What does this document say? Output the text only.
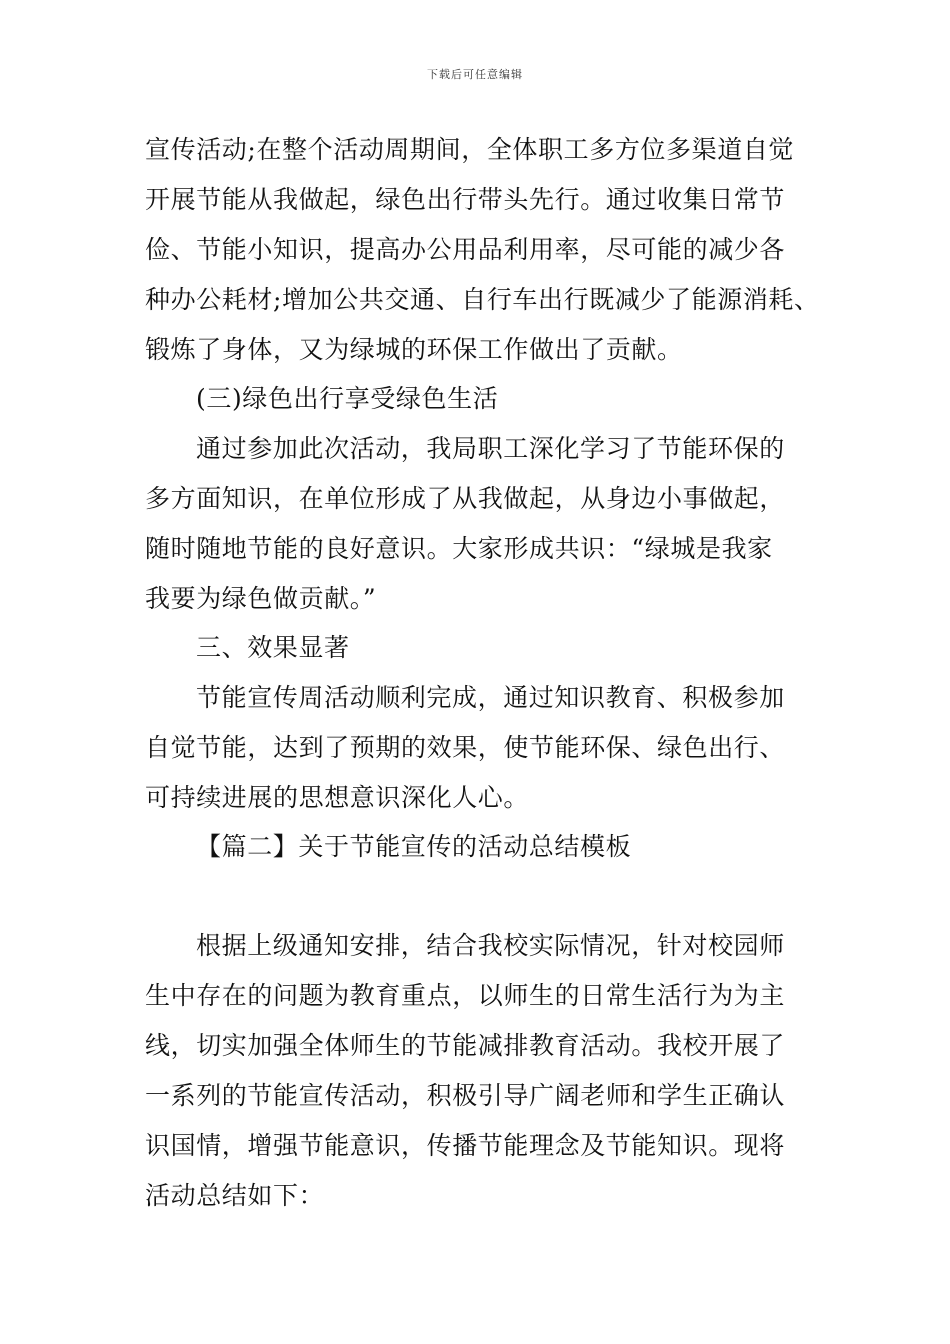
下载后可任意编辑
宣传活动;在整个活动周期间，全体职工多方位多渠道自觉
开展节能从我做起，绿色出行带头先行。通过收集日常节
俭、节能小知识，提高办公用品利用率，尽可能的减少各
种办公耗材;增加公共交通、自行车出行既减少了能源消耗、
锻炼了身体，又为绿城的环保工作做出了贡献。
(三)绿色出行享受绿色生活
通过参加此次活动，我局职工深化学习了节能环保的
多方面知识，在单位形成了从我做起，从身边小事做起，
随时随地节能的良好意识。大家形成共识：“绿城是我家
我要为绿色做贡献。”
三、效果显著
节能宣传周活动顺利完成，通过知识教育、积极参加
自觉节能，达到了预期的效果，使节能环保、绿色出行、
可持续进展的思想意识深化人心。
【篇二】关于节能宣传的活动总结模板
根据上级通知安排，结合我校实际情况，针对校园师
生中存在的问题为教育重点，以师生的日常生活行为为主
线，切实加强全体师生的节能减排教育活动。我校开展了
一系列的节能宣传活动，积极引导广阔老师和学生正确认
识国情，增强节能意识，传播节能理念及节能知识。现将
活动总结如下：
